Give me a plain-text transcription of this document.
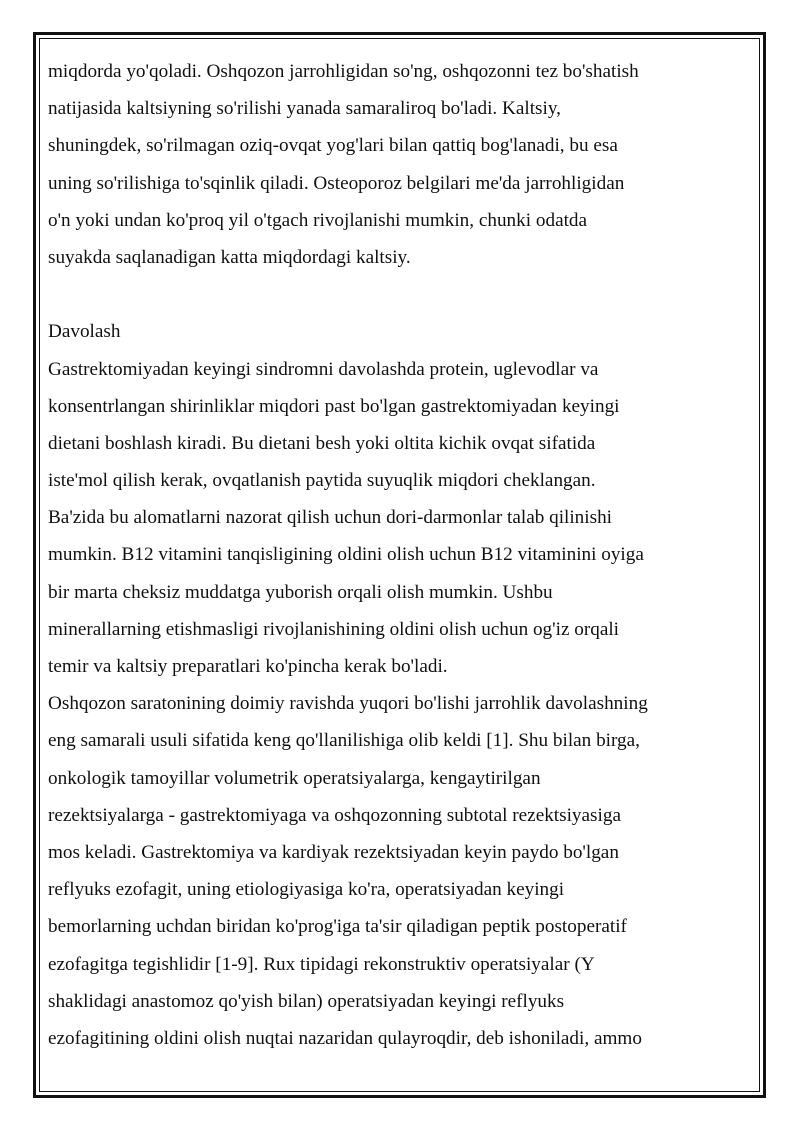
miqdorda yo'qoladi. Oshqozon jarrohligidan so'ng, oshqozonni tez bo'shatish
natijasida kaltsiyning so'rilishi yanada samaraliroq bo'ladi. Kaltsiy,
shuningdek, so'rilmagan oziq-ovqat yog'lari bilan qattiq bog'lanadi, bu esa
uning so'rilishiga to'sqinlik qiladi. Osteoporoz belgilari me'da jarrohligidan
o'n yoki undan ko'proq yil o'tgach rivojlanishi mumkin, chunki odatda
suyakda saqlanadigan katta miqdordagi kaltsiy.
Davolash
Gastrektomiyadan keyingi sindromni davolashda protein, uglevodlar va
konsentrlangan shirinliklar miqdori past bo'lgan gastrektomiyadan keyingi
dietani boshlash kiradi. Bu dietani besh yoki oltita kichik ovqat sifatida
iste'mol qilish kerak, ovqatlanish paytida suyuqlik miqdori cheklangan.
Ba'zida bu alomatlarni nazorat qilish uchun dori-darmonlar talab qilinishi
mumkin. B12 vitamini tanqisligining oldini olish uchun B12 vitaminini oyiga
bir marta cheksiz muddatga yuborish orqali olish mumkin. Ushbu
minerallarning etishmasligi rivojlanishining oldini olish uchun og'iz orqali
temir va kaltsiy preparatlari ko'pincha kerak bo'ladi.
Oshqozon saratonining doimiy ravishda yuqori bo'lishi jarrohlik davolashning
eng samarali usuli sifatida keng qo'llanilishiga olib keldi [1]. Shu bilan birga,
onkologik tamoyillar volumetrik operatsiyalarga, kengaytirilgan
rezektsiyalarga - gastrektomiyaga va oshqozonning subtotal rezektsiyasiga
mos keladi. Gastrektomiya va kardiyak rezektsiyadan keyin paydo bo'lgan
reflyuks ezofagit, uning etiologiyasiga ko'ra, operatsiyadan keyingi
bemorlarning uchdan biridan ko'prog'iga ta'sir qiladigan peptik postoperatif
ezofagitga tegishlidir [1-9]. Rux tipidagi rekonstruktiv operatsiyalar (Y
shaklidagi anastomoz qo'yish bilan) operatsiyadan keyingi reflyuks
ezofagitining oldini olish nuqtai nazaridan qulayroqdir, deb ishoniladi, ammo
